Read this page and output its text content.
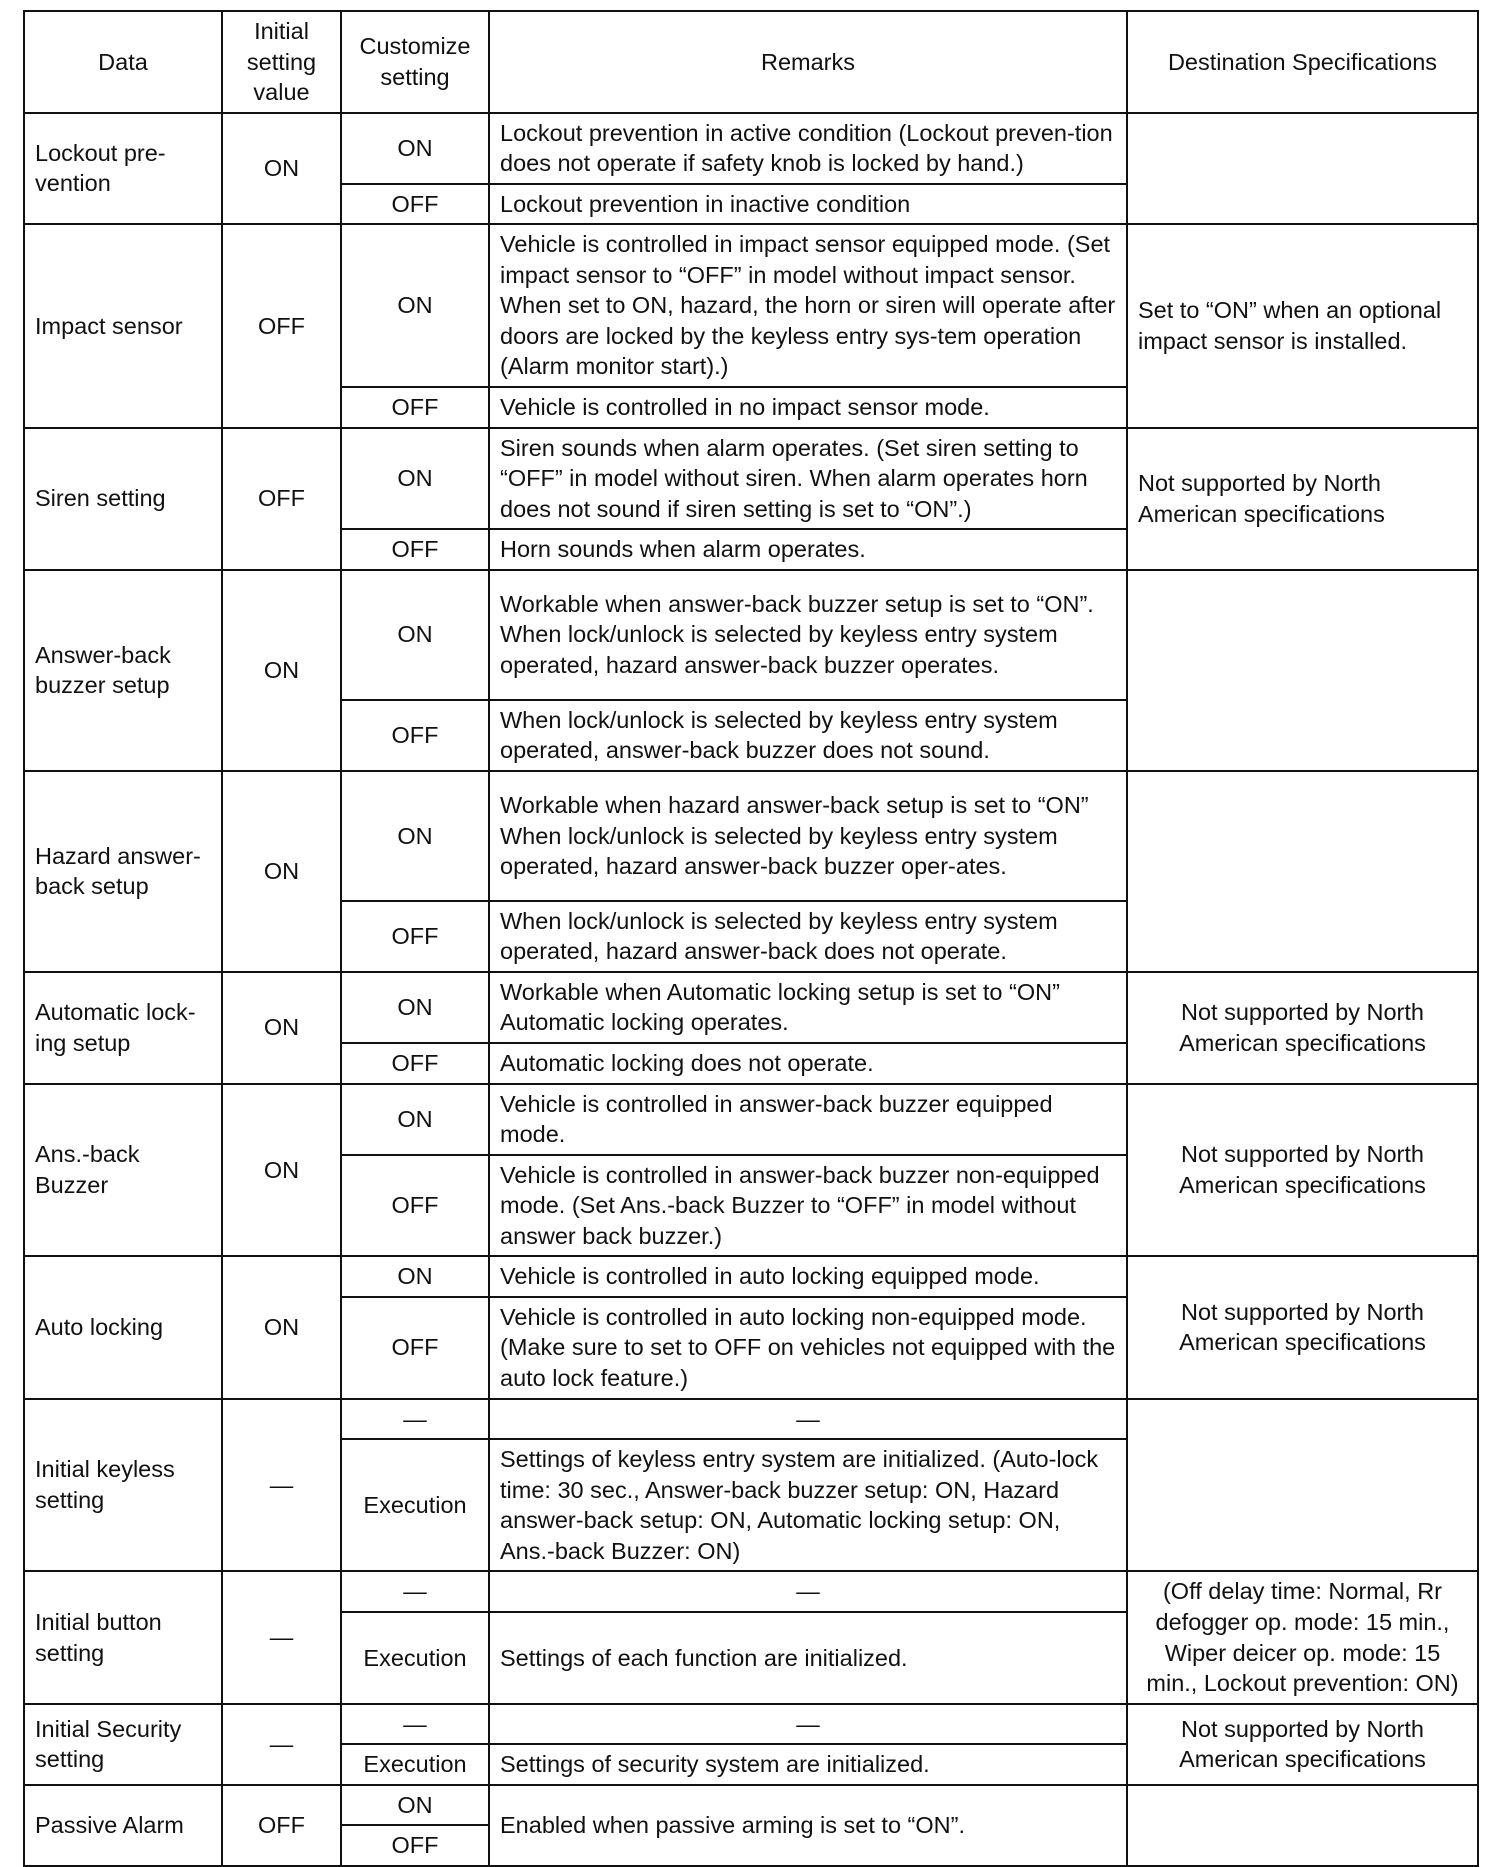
Data	Initial setting value	Customize setting	Remarks	Destination Specifications
Lockout pre-vention	ON	ON	Lockout prevention in active condition (Lockout preven-tion does not operate if safety knob is locked by hand.)	
		OFF	Lockout prevention in inactive condition	
Impact sensor	OFF	ON	Vehicle is controlled in impact sensor equipped mode. (Set impact sensor to “OFF” in model without impact sensor. When set to ON, hazard, the horn or siren will operate after doors are locked by the keyless entry sys-tem operation (Alarm monitor start).)	Set to “ON” when an optional impact sensor is installed.
		OFF	Vehicle is controlled in no impact sensor mode.	
Siren setting	OFF	ON	Siren sounds when alarm operates. (Set siren setting to “OFF” in model without siren. When alarm operates horn does not sound if siren setting is set to “ON”.)	Not supported by North American specifications
		OFF	Horn sounds when alarm operates.	
Answer-back buzzer setup	ON	ON	Workable when answer-back buzzer setup is set to “ON”. When lock/unlock is selected by keyless entry system operated, hazard answer-back buzzer operates.	
		OFF	When lock/unlock is selected by keyless entry system operated, answer-back buzzer does not sound.	
Hazard answer-back setup	ON	ON	Workable when hazard answer-back setup is set to “ON” When lock/unlock is selected by keyless entry system operated, hazard answer-back buzzer oper-ates.	
		OFF	When lock/unlock is selected by keyless entry system operated, hazard answer-back does not operate.	
Automatic lock-ing setup	ON	ON	Workable when Automatic locking setup is set to “ON” Automatic locking operates.	Not supported by North American specifications
		OFF	Automatic locking does not operate.	
Ans.-back Buzzer	ON	ON	Vehicle is controlled in answer-back buzzer equipped mode.	Not supported by North American specifications
		OFF	Vehicle is controlled in answer-back buzzer non-equipped mode. (Set Ans.-back Buzzer to “OFF” in model without answer back buzzer.)	
Auto locking	ON	ON	Vehicle is controlled in auto locking equipped mode.	Not supported by North American specifications
		OFF	Vehicle is controlled in auto locking non-equipped mode. (Make sure to set to OFF on vehicles not equipped with the auto lock feature.)	
Initial keyless setting	—	—	—	
		Execution	Settings of keyless entry system are initialized. (Auto-lock time: 30 sec., Answer-back buzzer setup: ON, Hazard answer-back setup: ON, Automatic locking setup: ON, Ans.-back Buzzer: ON)	
Initial button setting	—	—	—	(Off delay time: Normal, Rr defogger op. mode: 15 min., Wiper deicer op. mode: 15 min., Lockout prevention: ON)
		Execution	Settings of each function are initialized.	
Initial Security setting	—	—	—	Not supported by North American specifications
		Execution	Settings of security system are initialized.	
Passive Alarm	OFF	ON	Enabled when passive arming is set to “ON”.	
		OFF		
